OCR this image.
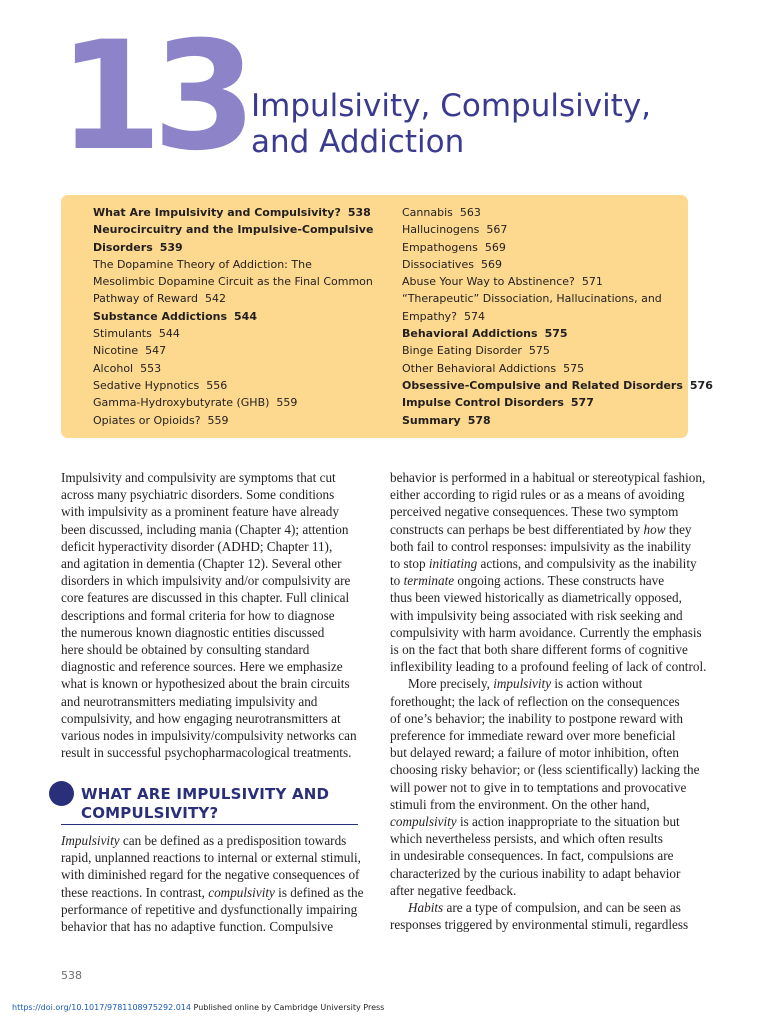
13 Impulsivity, Compulsivity,
and Addiction

What Are Impulsivity and Compulsivity? 538

Neurocircuitry and the Impulsive-Compulsive

Disorders 539

The Dopamine Theory of Addiction: The

Mesolimbic Dopamine Circuit as the Final Common

Pathway of Reward 542

Substance Addictions 544

Stimulants 544

Nicotine 547

Alcohol 553

Sedative Hypnotics 556

Gamma-Hydroxybutyrate (GHB) 559

Opiates or Opioids? 559

Cannabis 563

Hallucinogens 567

Empathogens 569

Dissociatives 569

Abuse Your Way to Abstinence? 571

“Therapeutic” Dissociation, Hallucinations, and

Empathy? 574

Behavioral Addictions 575

Binge Eating Disorder 575

Other Behavioral Addictions 575

Obsessive-Compulsive and Related Disorders 576

Impulse Control Disorders 577

Summary 578

Impulsivity and compulsivity are symptoms that cut

across many psychiatric disorders. Some conditions

with impulsivity as a prominent feature have already

been discussed, including mania (Chapter 4); attention

deficit hyperactivity disorder (ADHD; Chapter 11),

and agitation in dementia (Chapter 12). Several other

disorders in which impulsivity and/or compulsivity are

core features are discussed in this chapter. Full clinical

descriptions and formal criteria for how to diagnose

the numerous known diagnostic entities discussed

here should be obtained by consulting standard

diagnostic and reference sources. Here we emphasize

what is known or hypothesized about the brain circuits

and neurotransmitters mediating impulsivity and

compulsivity, and how engaging neurotransmitters at

various nodes in impulsivity/compulsivity networks can

result in successful psychopharmacological treatments.

WHAT ARE IMPULSIVITY AND
COMPULSIVITY?

Impulsivity can be defined as a predisposition towards

rapid, unplanned reactions to internal or external stimuli,

with diminished regard for the negative consequences of

these reactions. In contrast, compulsivity is defined as the

performance of repetitive and dysfunctionally impairing

behavior that has no adaptive function. Compulsive

behavior is performed in a habitual or stereotypical fashion,

either according to rigid rules or as a means of avoiding

perceived negative consequences. These two symptom

constructs can perhaps be best differentiated by how they

both fail to control responses: impulsivity as the inability

to stop initiating actions, and compulsivity as the inability

to terminate ongoing actions. These constructs have

thus been viewed historically as diametrically opposed,

with impulsivity being associated with risk seeking and

compulsivity with harm avoidance. Currently the emphasis

is on the fact that both share different forms of cognitive

inflexibility leading to a profound feeling of lack of control.

More precisely, impulsivity is action without

forethought; the lack of reflection on the consequences

of one’s behavior; the inability to postpone reward with

preference for immediate reward over more beneficial

but delayed reward; a failure of motor inhibition, often

choosing risky behavior; or (less scientifically) lacking the

will power not to give in to temptations and provocative

stimuli from the environment. On the other hand,

compulsivity is action inappropriate to the situation but

which nevertheless persists, and which often results

in undesirable consequences. In fact, compulsions are

characterized by the curious inability to adapt behavior

after negative feedback.

Habits are a type of compulsion, and can be seen as

responses triggered by environmental stimuli, regardless

538
https://doi.org/10.1017/9781108975292.014 Published online by Cambridge University Press
